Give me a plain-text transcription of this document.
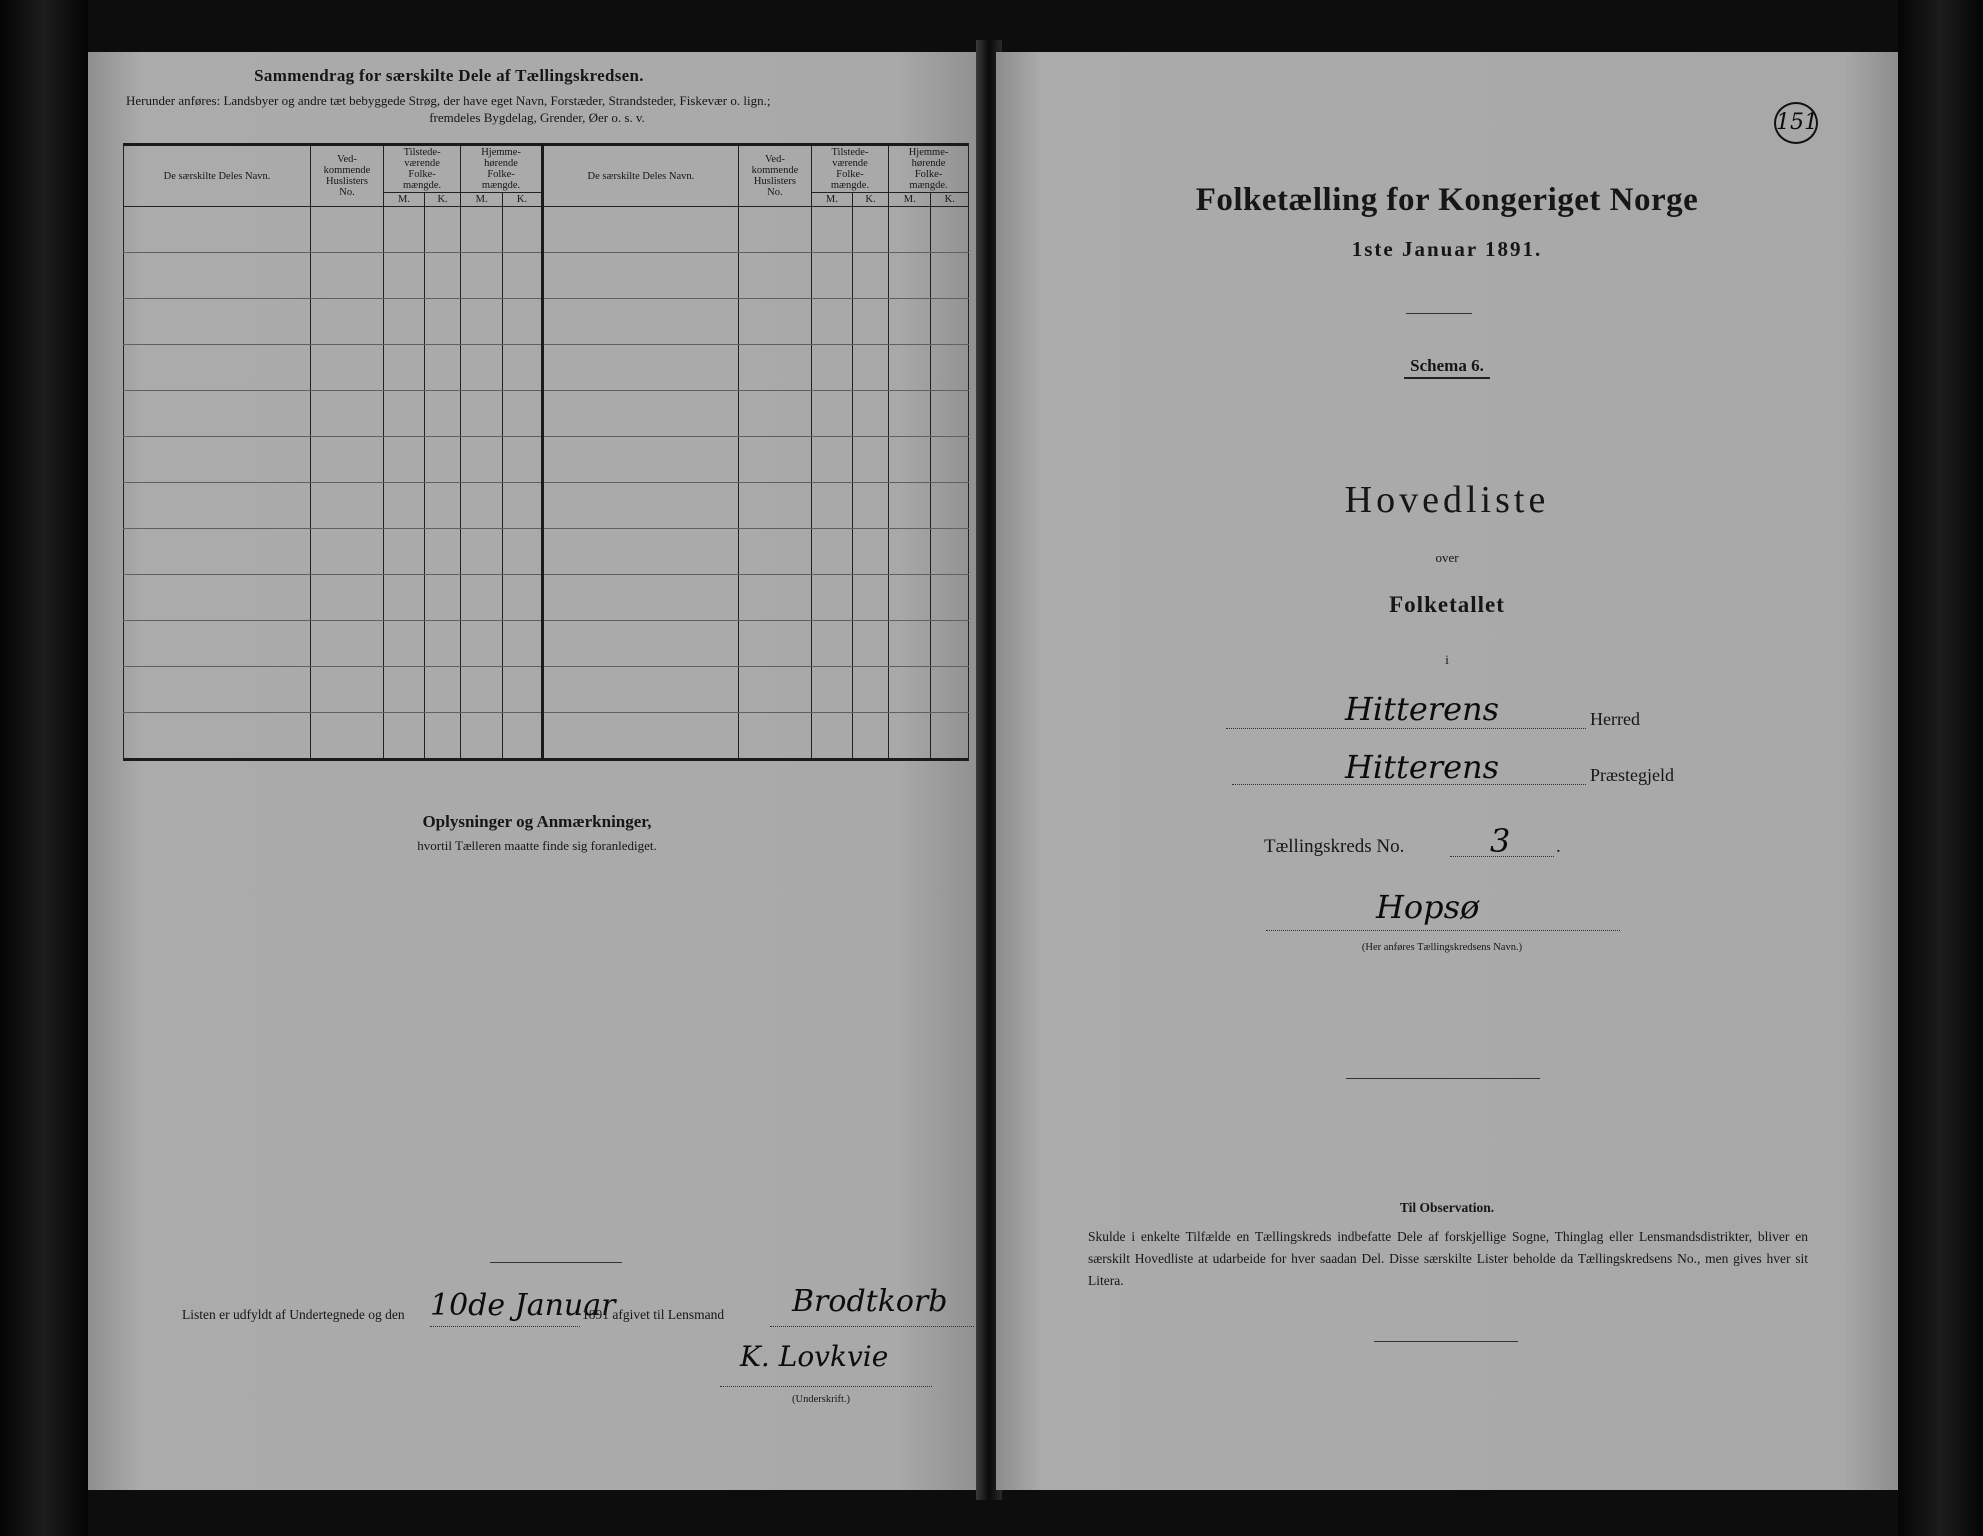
Sammendrag for særskilte Dele af Tællingskredsen.
Herunder anføres: Landsbyer og andre tæt bebyggede Strøg, der have eget Navn, Forstæder, Strandsteder, Fiskevær o. lign.;
fremdeles Bygdelag, Grender, Øer o. s. v.
De særskilte Deles Navn.	Ved-
kommende
Huslisters
No.	Tilstede-
værende
Folke-
mængde.		Hjemme-
hørende
Folke-
mængde.		De særskilte Deles Navn.	Ved-
kommende
Huslisters
No.	Tilstede-
værende
Folke-
mængde.		Hjemme-
hørende
Folke-
mængde.	
		M.	K.	M.	K.			M.	K.	M.	K.

Oplysninger og Anmærkninger,
hvortil Tælleren maatte finde sig foranlediget.
Listen er udfyldt af Undertegnede og den 10de Januar
1891 afgivet til Lensmand Brodtkorb
K. Lovkvie
(Underskrift.)
151
Folketælling for Kongeriget Norge
1ste Januar 1891.
Schema 6.
Hovedliste
over
Folketallet
i
Hitterens	Herred
Hitterens	Præstegjeld
Tællingskreds No.	3 .
Hopsø
(Her anføres Tællingskredsens Navn.)
Til Observation.
Skulde i enkelte Tilfælde en Tællingskreds indbefatte Dele af forskjellige Sogne, Thinglag eller Lensmandsdistrikter, bliver en særskilt Hovedliste at udarbeide for hver saadan Del. Disse særskilte Lister beholde da Tællingskredsens No., men gives hver sit Litera.
